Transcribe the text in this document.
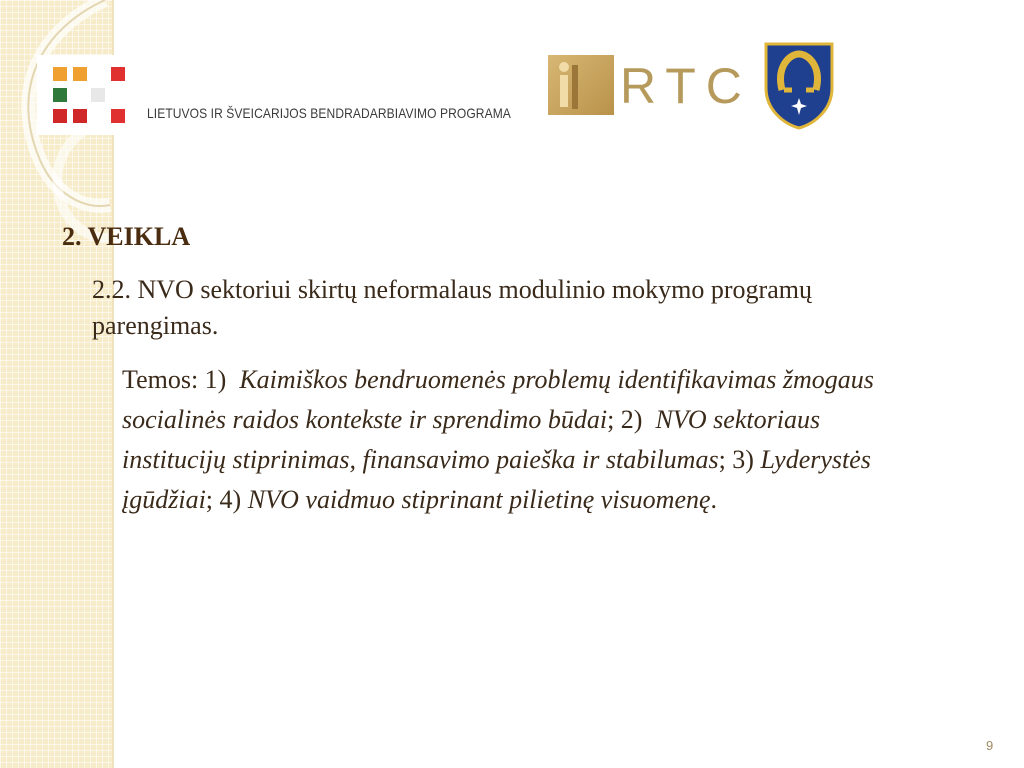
LIETUVOS IR ŠVEICARIJOS BENDRADARBIAVIMO PROGRAMA RTC
2. VEIKLA
2.2. NVO sektoriui skirtų neformalaus modulinio mokymo programų parengimas.
Temos: 1) Kaimiškos bendruomenės problemų identifikavimas žmogaus socialinės raidos kontekste ir sprendimo būdai; 2) NVO sektoriaus institucijų stiprinimas, finansavimo paieška ir stabilumas; 3) Lyderystės įgūdžiai; 4) NVO vaidmuo stiprinant pilietinę visuomenę.
9
